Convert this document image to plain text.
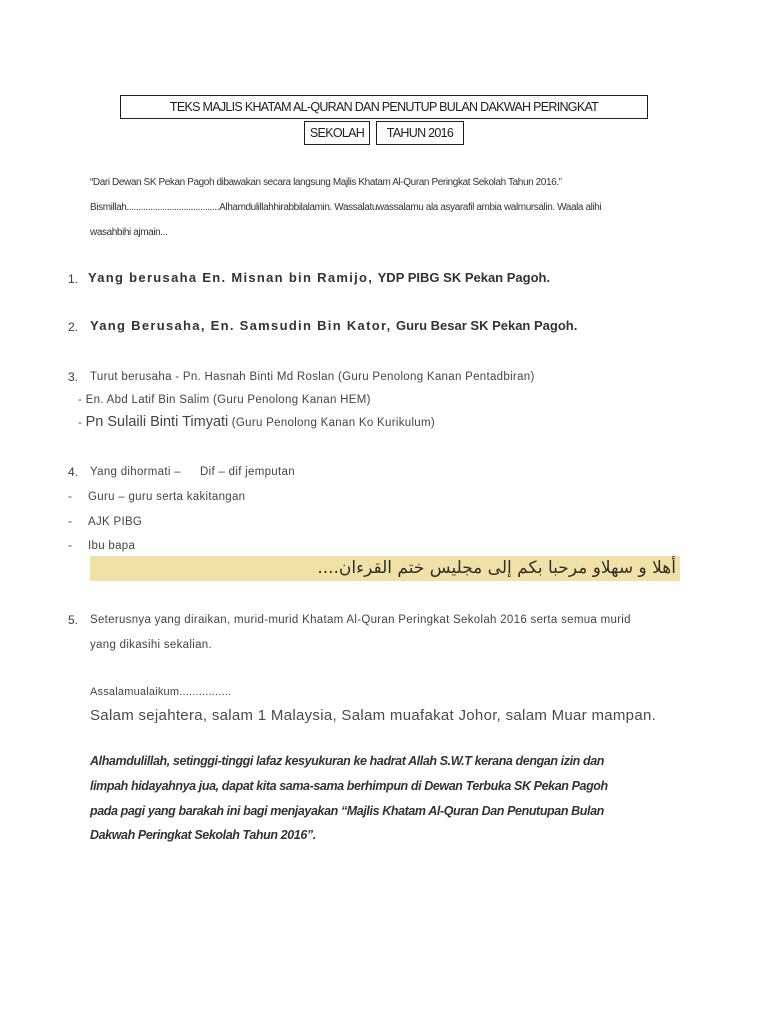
TEKS MAJLIS KHATAM AL-QURAN DAN PENUTUP BULAN DAKWAH PERINGKAT
SEKOLAH	TAHUN 2016
“Dari Dewan SK Pekan Pagoh dibawakan secara langsung Majlis Khatam Al-Quran Peringkat Sekolah Tahun 2016.”
Bismillah.......................................Alhamdulillahhirabbilalamin. Wassalatuwassalamu ala asyarafil ambia walmursalin. Waala alihi
wasahbihi ajmain...
1. Yang berusaha En. Misnan bin Ramijo, YDP PIBG SK Pekan Pagoh.
2. Yang Berusaha, En. Samsudin Bin Kator, Guru Besar SK Pekan Pagoh.
3. Turut berusaha - Pn. Hasnah Binti Md Roslan (Guru Penolong Kanan Pentadbiran)
- En. Abd Latif Bin Salim (Guru Penolong Kanan HEM)
- Pn Sulaili Binti Timyati (Guru Penolong Kanan Ko Kurikulum)
4. Yang dihormati – Dif – dif jemputan
- Guru – guru serta kakitangan
- AJK PIBG
- Ibu bapa
أهلا و سهلاو مرحبا بكم إلى مجليس ختم القرءان....
5. Seterusnya yang diraikan, murid-murid Khatam Al-Quran Peringkat Sekolah 2016 serta semua murid
yang dikasihi sekalian.
Assalamualaikum................
Salam sejahtera, salam 1 Malaysia, Salam muafakat Johor, salam Muar mampan.
Alhamdulillah, setinggi-tinggi lafaz kesyukuran ke hadrat Allah S.W.T kerana dengan izin dan
limpah hidayahnya jua, dapat kita sama-sama berhimpun di Dewan Terbuka SK Pekan Pagoh
pada pagi yang barakah ini bagi menjayakan “Majlis Khatam Al-Quran Dan Penutupan Bulan
Dakwah Peringkat Sekolah Tahun 2016”.
